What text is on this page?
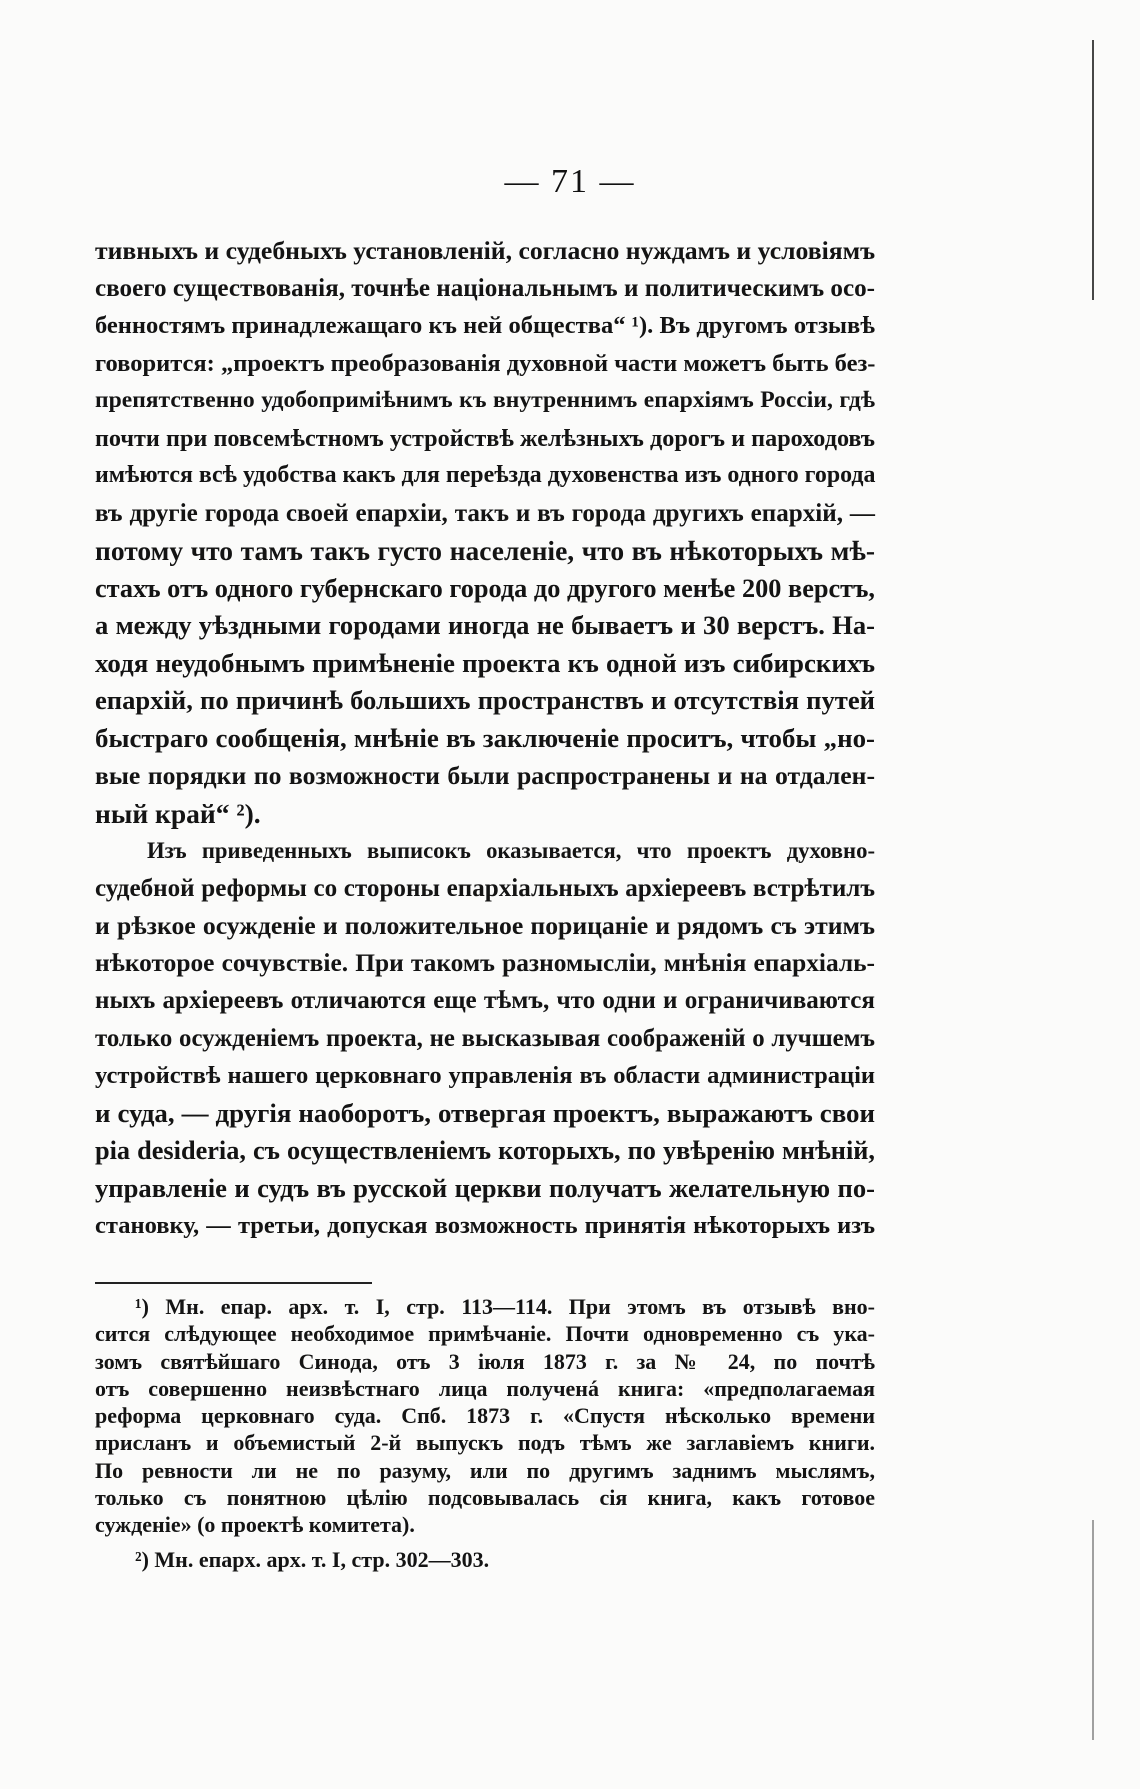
— 71 —
тивныхъ и судебныхъ установленій, согласно нуждамъ и условіямъ
своего существованія, точнѣе національнымъ и политическимъ осо-
бенностямъ принадлежащаго къ ней общества“ ¹). Въ другомъ отзывѣ
говорится: „проектъ преобразованія духовной части можетъ быть без-
препятственно удобоприміѣнимъ къ внутреннимъ епархіямъ Россіи, гдѣ
почти при повсемѣстномъ устройствѣ желѣзныхъ дорогъ и пароходовъ
имѣются всѣ удобства какъ для переѣзда духовенства изъ одного города
въ другіе города своей епархіи, такъ и въ города другихъ епархій, —
потому что тамъ такъ густо населеніе, что въ нѣкоторыхъ мѣ-
стахъ отъ одного губернскаго города до другого менѣе 200 верстъ,
а между уѣздными городами иногда не бываетъ и 30 верстъ. На-
ходя неудобнымъ примѣненіе проекта къ одной изъ сибирскихъ
епархій, по причинѣ большихъ пространствъ и отсутствія путей
быстраго сообщенія, мнѣніе въ заключеніе проситъ, чтобы „но-
вые порядки по возможности были распространены и на отдален-
ный край“ ²).
Изъ приведенныхъ выписокъ оказывается, что проектъ духовно-
судебной реформы со стороны епархіальныхъ архіереевъ встрѣтилъ
и рѣзкое осужденіе и положительное порицаніе и рядомъ съ этимъ
нѣкоторое сочувствіе. При такомъ разномысліи, мнѣнія епархіаль-
ныхъ архіереевъ отличаются еще тѣмъ, что одни и ограничиваются
только осужденіемъ проекта, не высказывая соображеній о лучшемъ
устройствѣ нашего церковнаго управленія въ области администраціи
и суда, — другія наоборотъ, отвергая проектъ, выражаютъ свои
pia desideria, съ осуществленіемъ которыхъ, по увѣренію мнѣній,
управленіе и судъ въ русской церкви получатъ желательную по-
становку, — третьи, допуская возможность принятія нѣкоторыхъ изъ
¹) Мн. епар. арх. т. I, стр. 113—114. При этомъ въ отзывѣ вно-
сится слѣдующее необходимое примѣчаніе. Почти одновременно съ ука-
зомъ святѣйшаго Синода, отъ 3 іюля 1873 г. за № 24, по почтѣ
отъ совершенно неизвѣстнаго лица полученá книга: «предполагаемая
реформа церковнаго суда. Спб. 1873 г. «Спустя нѣсколько времени
присланъ и объемистый 2-й выпускъ подъ тѣмъ же заглавіемъ книги.
По ревности ли не по разуму, или по другимъ заднимъ мыслямъ,
только съ понятною цѣлію подсовывалась сія книга, какъ готовое
сужденіе» (о проектѣ комитета).
²) Мн. епарх. арх. т. I, стр. 302—303.
